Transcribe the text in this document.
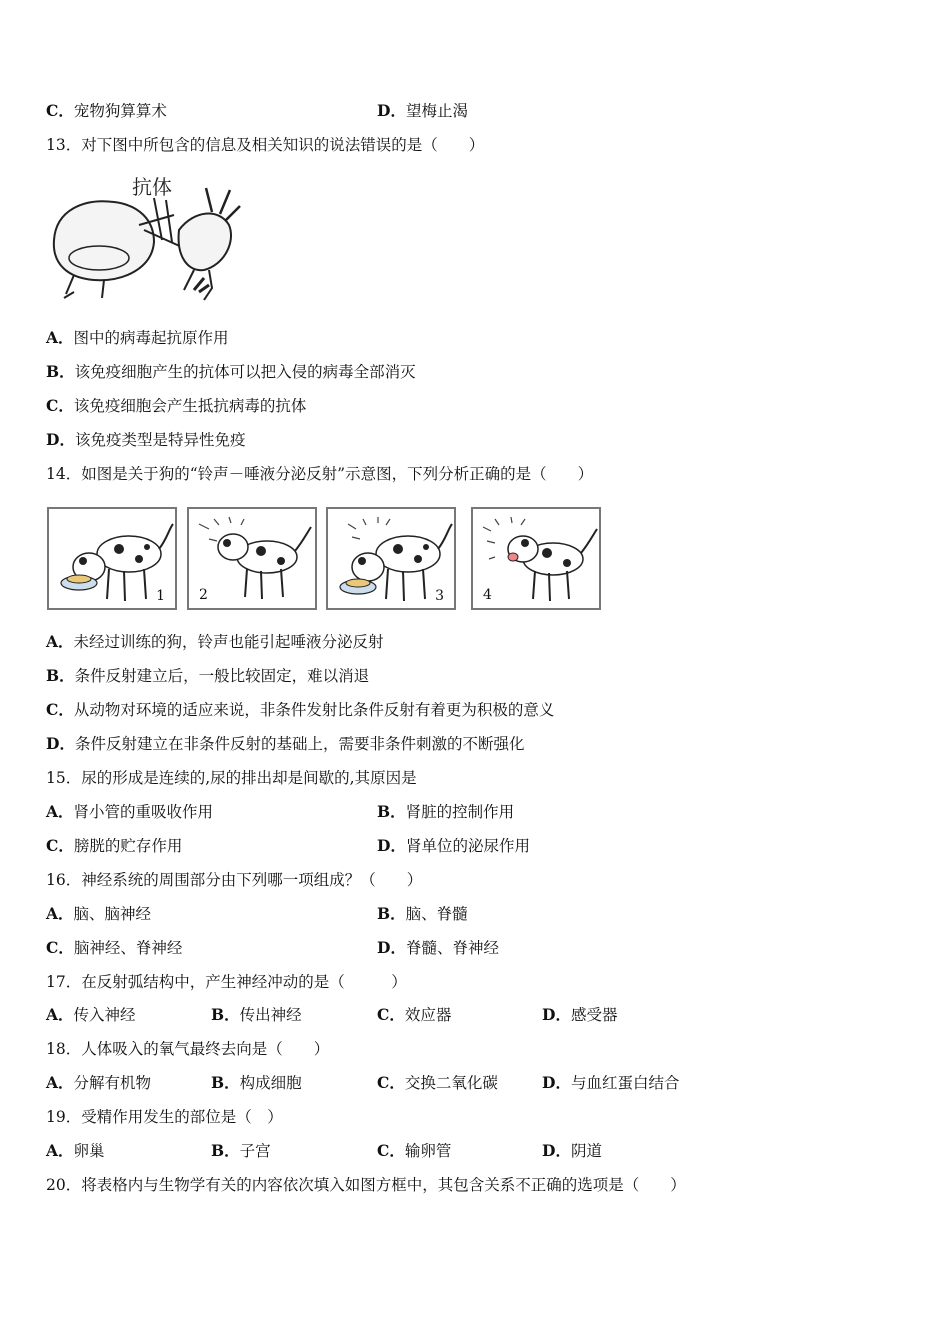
C．宠物狗算算术	D．望梅止渴
13．对下图中所包含的信息及相关知识的说法错误的是（　　）
抗体
A．图中的病毒起抗原作用
B．该免疫细胞产生的抗体可以把入侵的病毒全部消灭
C．该免疫细胞会产生抵抗病毒的抗体
D．该免疫类型是特异性免疫
14．如图是关于狗的“铃声－唾液分泌反射”示意图，下列分析正确的是（　　）
1 2	3	4
A．未经过训练的狗，铃声也能引起唾液分泌反射
B．条件反射建立后，一般比较固定，难以消退
C．从动物对环境的适应来说，非条件发射比条件反射有着更为积极的意义
D．条件反射建立在非条件反射的基础上，需要非条件刺激的不断强化
15．尿的形成是连续的,尿的排出却是间歇的,其原因是
A．肾小管的重吸收作用	B．肾脏的控制作用
C．膀胱的贮存作用	D．肾单位的泌尿作用
16．神经系统的周围部分由下列哪一项组成？（　　）
A．脑、脑神经	B．脑、脊髓
C．脑神经、脊神经	D．脊髓、脊神经
17．在反射弧结构中，产生神经冲动的是（　　　）
A．传入神经	B．传出神经	C．效应器	D．感受器
18．人体吸入的氧气最终去向是（　　）
A．分解有机物	B．构成细胞	C．交换二氧化碳	D．与血红蛋白结合
19．受精作用发生的部位是（　）
A．卵巢	B．子宫	C．输卵管	D．阴道
20．将表格内与生物学有关的内容依次填入如图方框中，其包含关系不正确的选项是（　　）
